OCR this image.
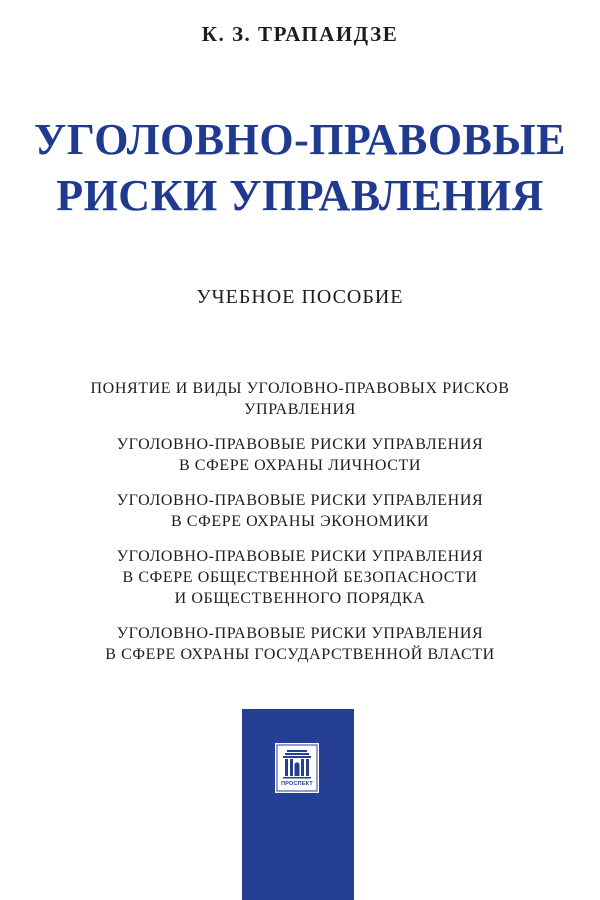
К. З. ТРАПАИДЗЕ
УГОЛОВНО-ПРАВОВЫЕ
РИСКИ УПРАВЛЕНИЯ
УЧЕБНОЕ ПОСОБИЕ
ПОНЯТИЕ И ВИДЫ УГОЛОВНО-ПРАВОВЫХ РИСКОВ
УПРАВЛЕНИЯ
УГОЛОВНО-ПРАВОВЫЕ РИСКИ УПРАВЛЕНИЯ
В СФЕРЕ ОХРАНЫ ЛИЧНОСТИ
УГОЛОВНО-ПРАВОВЫЕ РИСКИ УПРАВЛЕНИЯ
В СФЕРЕ ОХРАНЫ ЭКОНОМИКИ
УГОЛОВНО-ПРАВОВЫЕ РИСКИ УПРАВЛЕНИЯ
В СФЕРЕ ОБЩЕСТВЕННОЙ БЕЗОПАСНОСТИ
И ОБЩЕСТВЕННОГО ПОРЯДКА
УГОЛОВНО-ПРАВОВЫЕ РИСКИ УПРАВЛЕНИЯ
В СФЕРЕ ОХРАНЫ ГОСУДАРСТВЕННОЙ ВЛАСТИ
ПРОСПЕКТ
